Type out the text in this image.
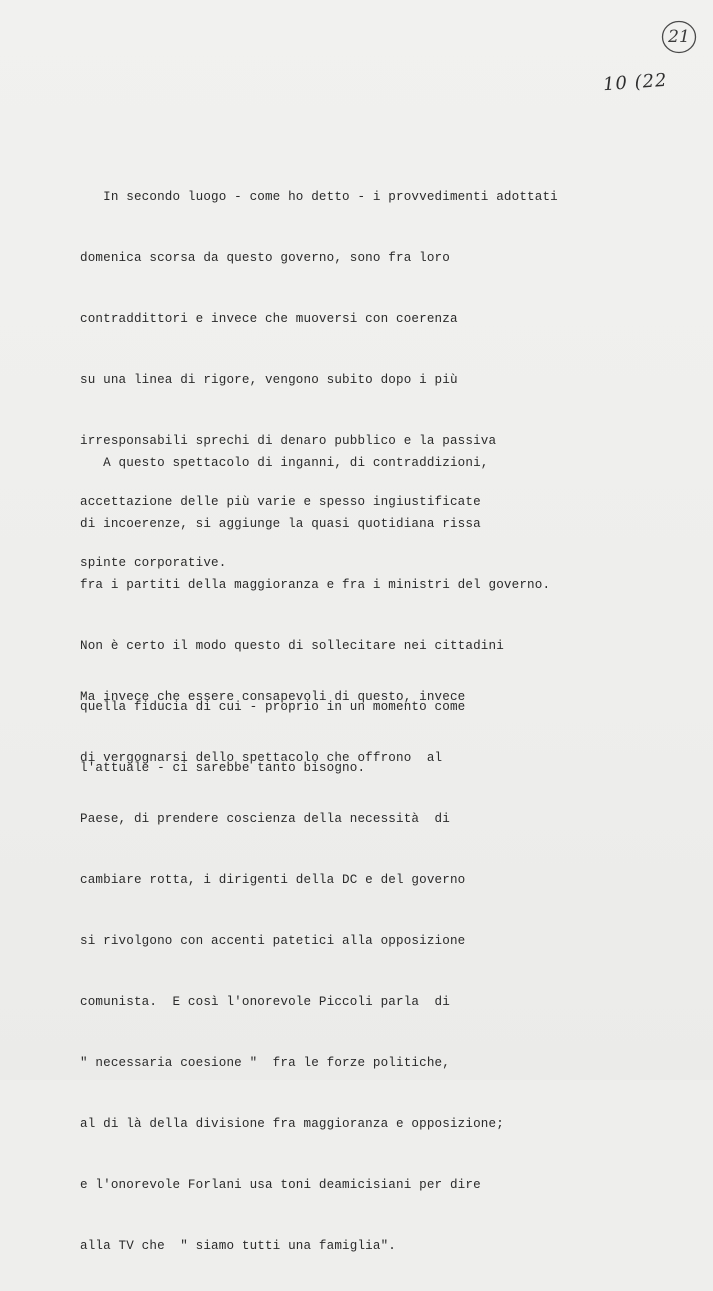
21
10 (22

In secondo luogo - come ho detto - i provvedimenti adottati

domenica scorsa da questo governo, sono fra loro

contraddittori e invece che muoversi con coerenza

su una linea di rigore, vengono subito dopo i più

irresponsabili sprechi di denaro pubblico e la passiva

accettazione delle più varie e spesso ingiustificate

spinte corporative.

A questo spettacolo di inganni, di contraddizioni,

di incoerenze, si aggiunge la quasi quotidiana rissa

fra i partiti della maggioranza e fra i ministri del governo.

Non è certo il modo questo di sollecitare nei cittadini

quella fiducia di cui - proprio in un momento come

l'attuale - ci sarebbe tanto bisogno.

Ma invece che essere consapevoli di questo, invece

di vergognarsi dello spettacolo che offrono  al

Paese, di prendere coscienza della necessità  di

cambiare rotta, i dirigenti della DC e del governo

si rivolgono con accenti patetici alla opposizione

comunista.  E così l'onorevole Piccoli parla  di

" necessaria coesione "  fra le forze politiche,

al di là della divisione fra maggioranza e opposizione;

e l'onorevole Forlani usa toni deamicisiani per dire

alla TV che  " siamo tutti una famiglia".
